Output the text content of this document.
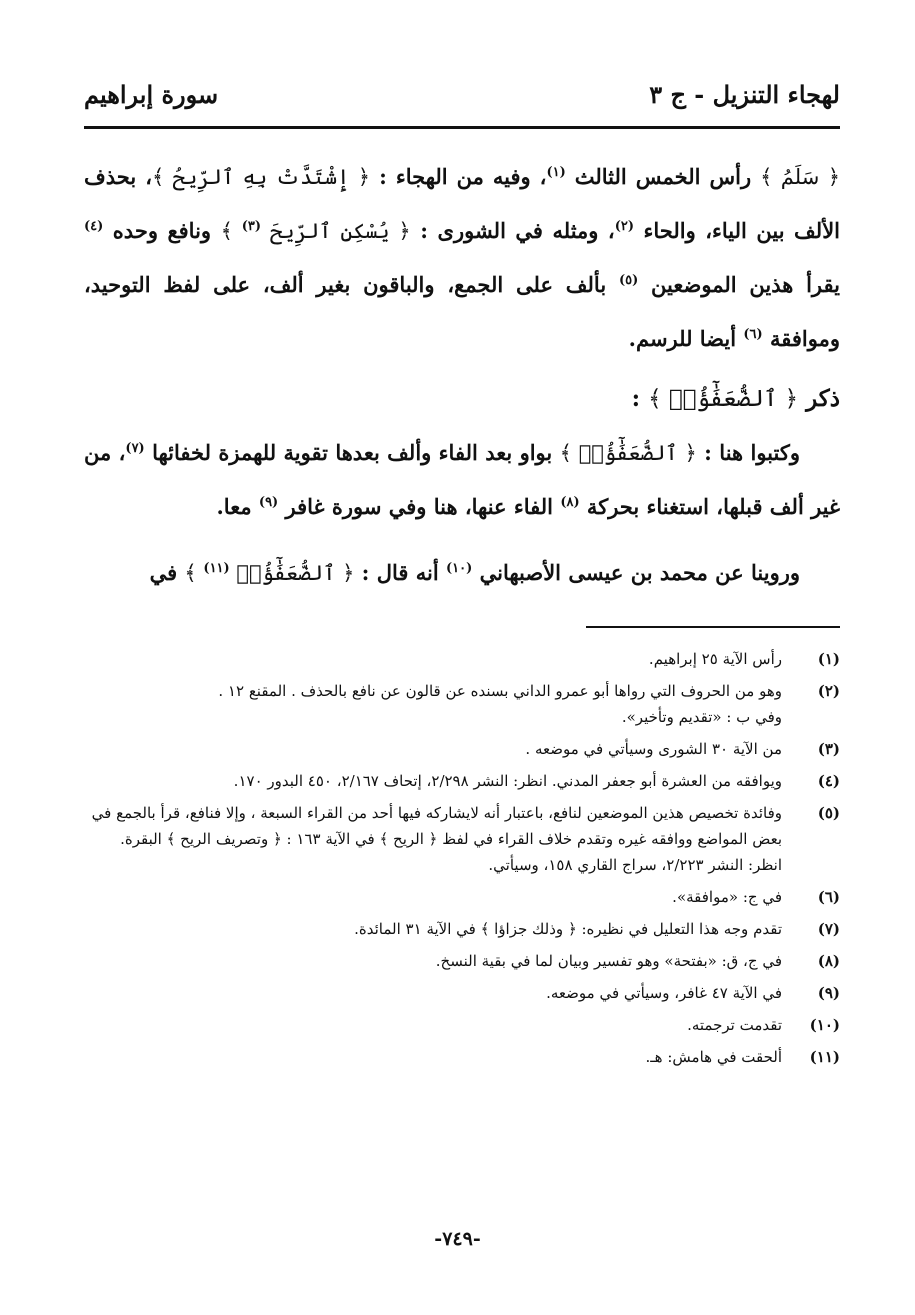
لهجاء التنزيل - ج ٣
سورة إبراهيم

﴿ سَلَمُ ﴾ رأس الخمس الثالث $^{(١)}$، وفيه من الهجاء : ﴿ إِشْتَدَّتْ بِهِ ٱلرِّيحُ ﴾، بحذف الألف بين الياء، والحاء $^{(٢)}$، ومثله في الشورى : ﴿ يُسْكِنِ ٱلرِّيحَ $^{(٣)}$ ﴾ ونافع وحده $^{(٤)}$ يقرأ هذين الموضعين $^{(٥)}$ بألف على الجمع، والباقون بغير ألف، على لفظ التوحيد، وموافقة $^{(٦)}$ أيضا للرسم.

ذكر ﴿ ٱلضُّعَفَٰٓؤُا۟ ﴾ :

وكتبوا هنا : ﴿ ٱلضُّعَفَٰٓؤُا۟ ﴾ بواو بعد الفاء وألف بعدها تقوية للهمزة لخفائها $^{(٧)}$، من غير ألف قبلها، استغناء بحركة $^{(٨)}$ الفاء عنها، هنا وفي سورة غافر $^{(٩)}$ معا.

وروينا عن محمد بن عيسى الأصبهاني $^{(١٠)}$ أنه قال : ﴿ ٱلضُّعَفَٰٓؤُا۟ $^{(١١)}$ ﴾ في

(١)
رأس الآية ٢٥ إبراهيم.
(٢)
وهو من الحروف التي رواها أبو عمرو الداني بسنده عن قالون عن نافع بالحذف . المقنع ١٢ .
وفي ب : «تقديم وتأخير».
(٣)
من الآية ٣٠ الشورى وسيأتي في موضعه .
(٤)
ويوافقه من العشرة أبو جعفر المدني. انظر: النشر ٢/٢٩٨، إتحاف ٢/١٦٧، ٤٥٠ البدور ١٧٠.
(٥)
وفائدة تخصيص هذين الموضعين لنافع، باعتبار أنه لايشاركه فيها أحد من القراء السبعة ، وإلا فنافع، قرأ بالجمع في بعض المواضع ووافقه غيره وتقدم خلاف القراء في لفظ ﴿ الريح ﴾ في الآية ١٦٣ : ﴿ وتصريف الريح ﴾ البقرة. انظر: النشر ٢/٢٢٣، سراج القاري ١٥٨، وسيأتي.
(٦)
في ج: «موافقة».
(٧)
تقدم وجه هذا التعليل في نظيره: ﴿ وذلك جزاؤا ﴾ في الآية ٣١ المائدة.
(٨)
في ج، ق: «بفتحة» وهو تفسير وبيان لما في بقية النسخ.
(٩)
في الآية ٤٧ غافر، وسيأتي في موضعه.
(١٠)
تقدمت ترجمته.
(١١)
ألحقت في هامش: هـ.
-٧٤٩-
